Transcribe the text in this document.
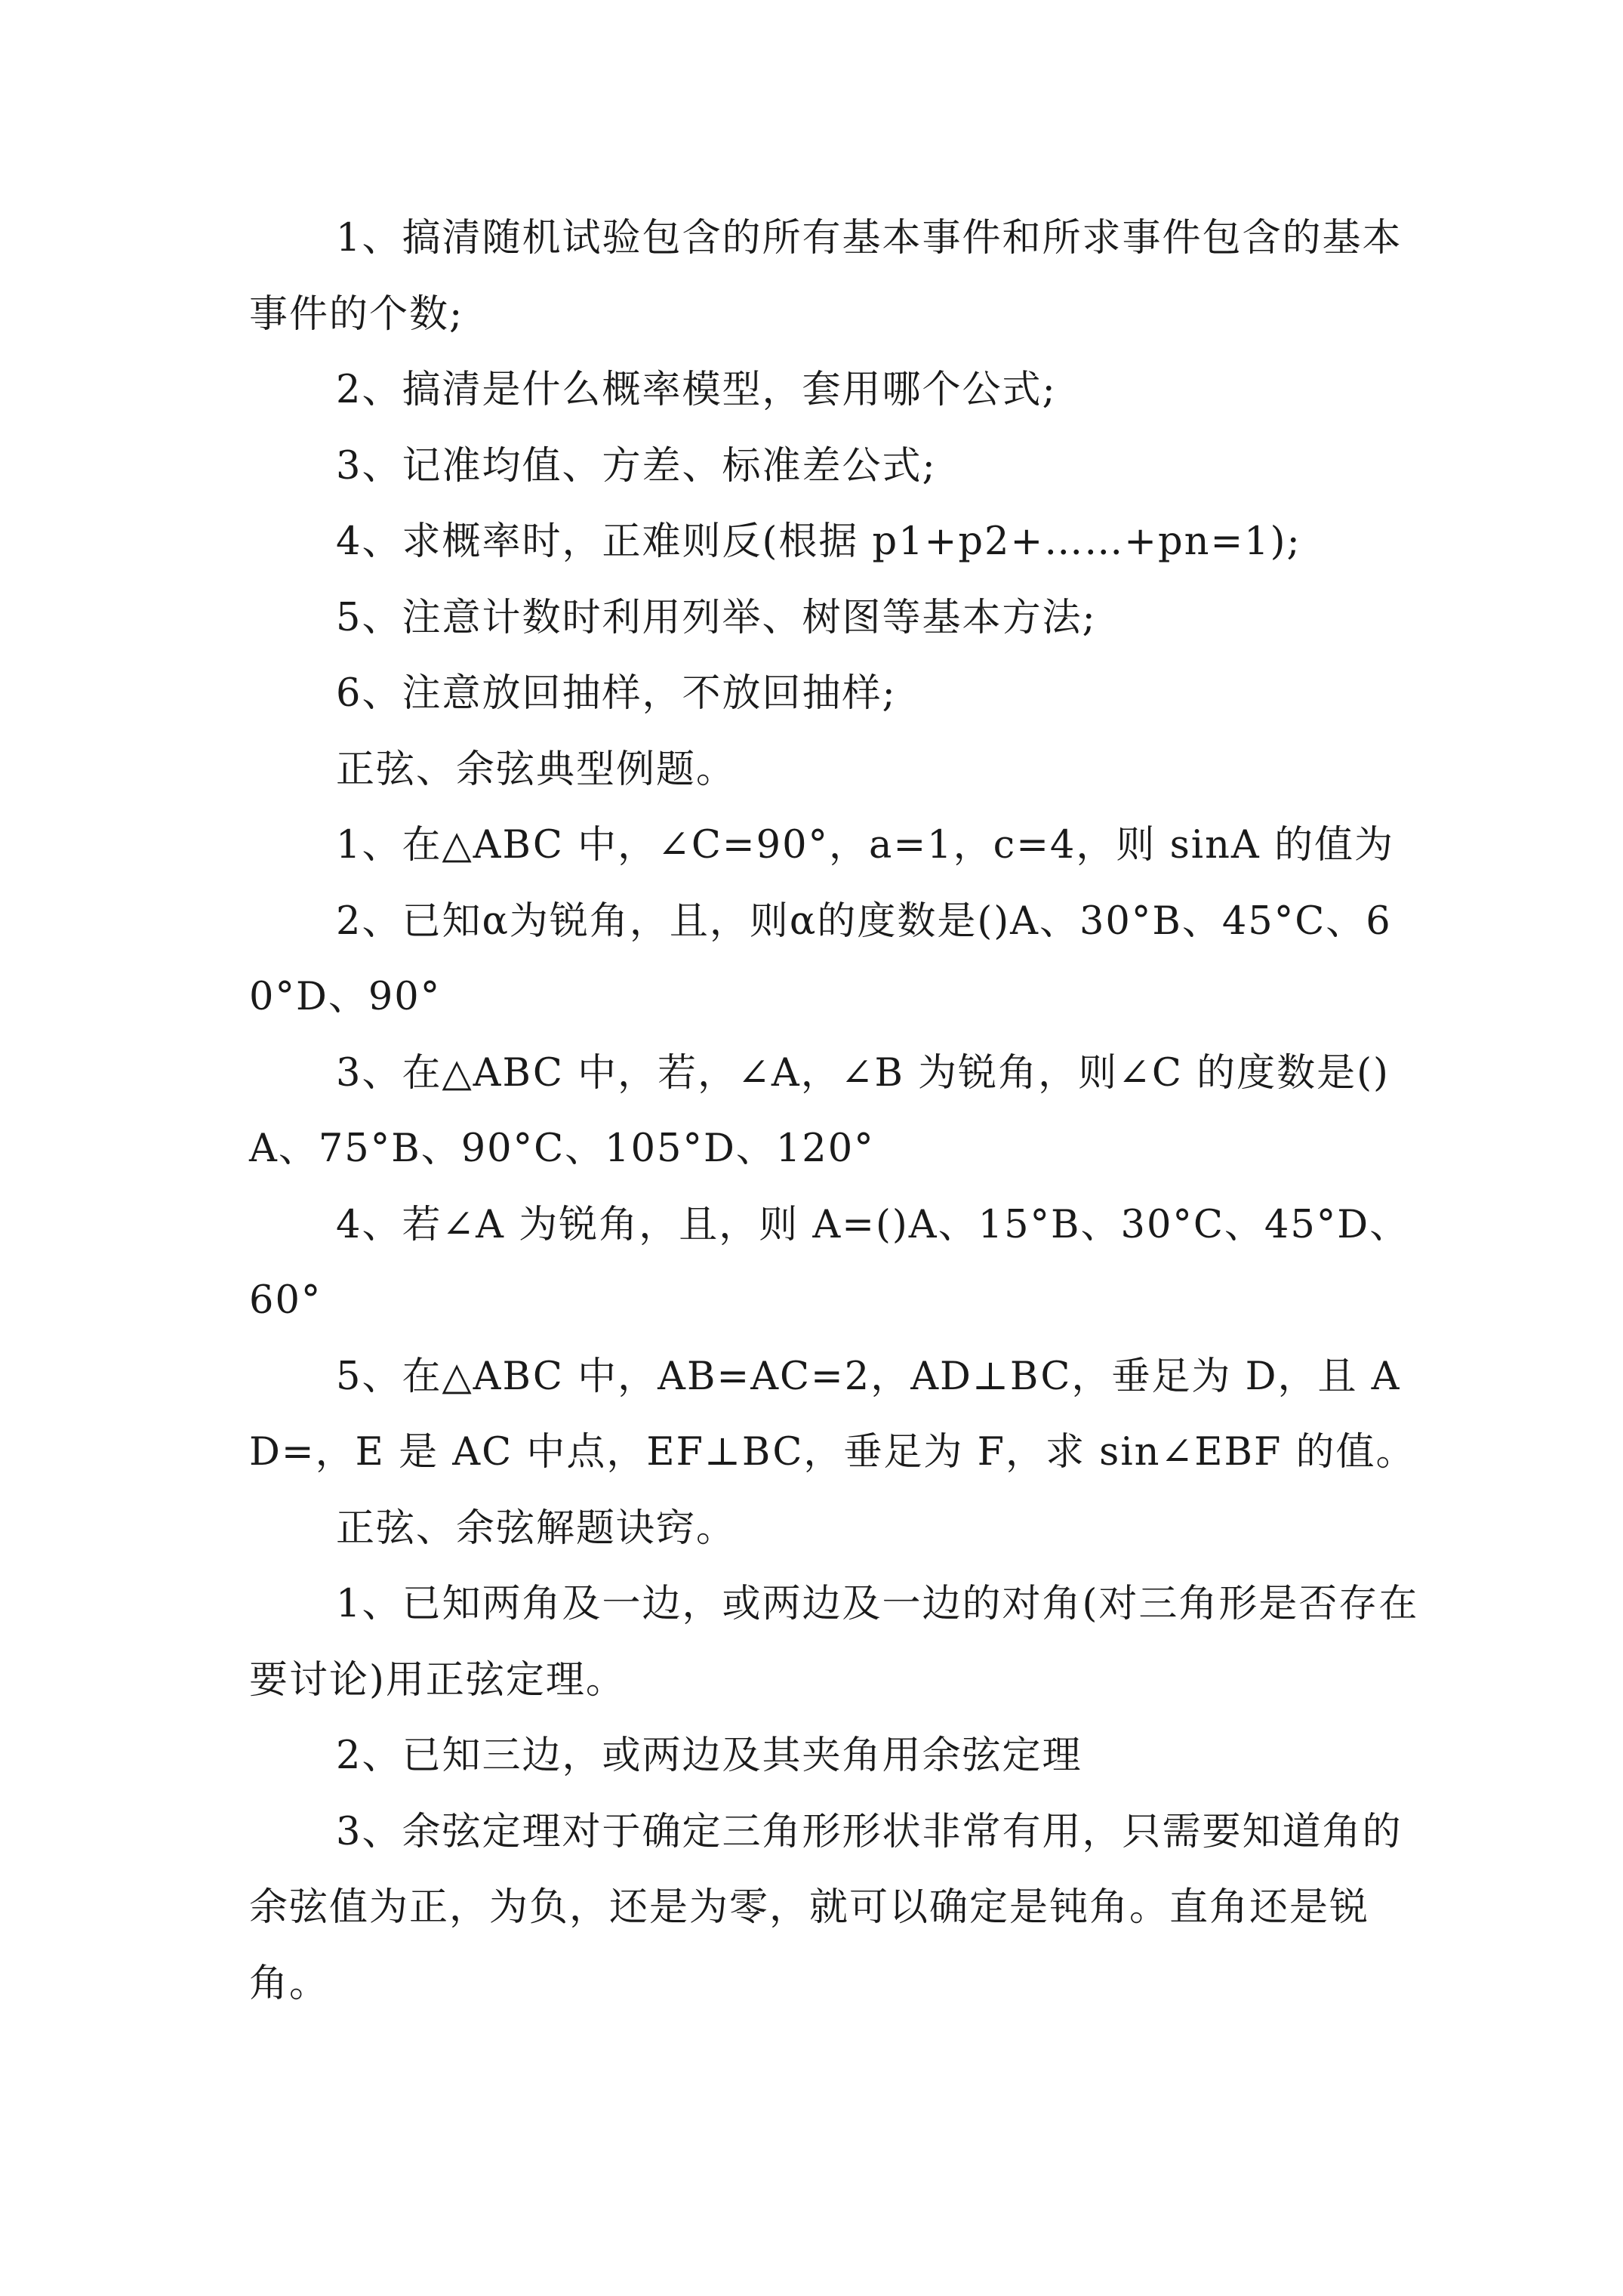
1、搞清随机试验包含的所有基本事件和所求事件包含的基本事件的个数;

2、搞清是什么概率模型，套用哪个公式;

3、记准均值、方差、标准差公式;

4、求概率时，正难则反(根据 p1+p2+……+pn=1);

5、注意计数时利用列举、树图等基本方法;

6、注意放回抽样，不放回抽样;

正弦、余弦典型例题。

1、在△ABC 中，∠C=90°，a=1，c=4，则 sinA 的值为

2、已知α为锐角，且，则α的度数是()A、30°B、45°C、60°D、90°

3、在△ABC 中，若，∠A，∠B 为锐角，则∠C 的度数是()A、75°B、90°C、105°D、120°

4、若∠A 为锐角，且，则 A=()A、15°B、30°C、45°D、60°

5、在△ABC 中，AB=AC=2，AD⊥BC，垂足为 D，且 AD=，E 是 AC 中点，EF⊥BC，垂足为 F，求 sin∠EBF 的值。

正弦、余弦解题诀窍。

1、已知两角及一边，或两边及一边的对角(对三角形是否存在要讨论)用正弦定理。

2、已知三边，或两边及其夹角用余弦定理

3、余弦定理对于确定三角形形状非常有用，只需要知道角的余弦值为正，为负，还是为零，就可以确定是钝角。直角还是锐角。
